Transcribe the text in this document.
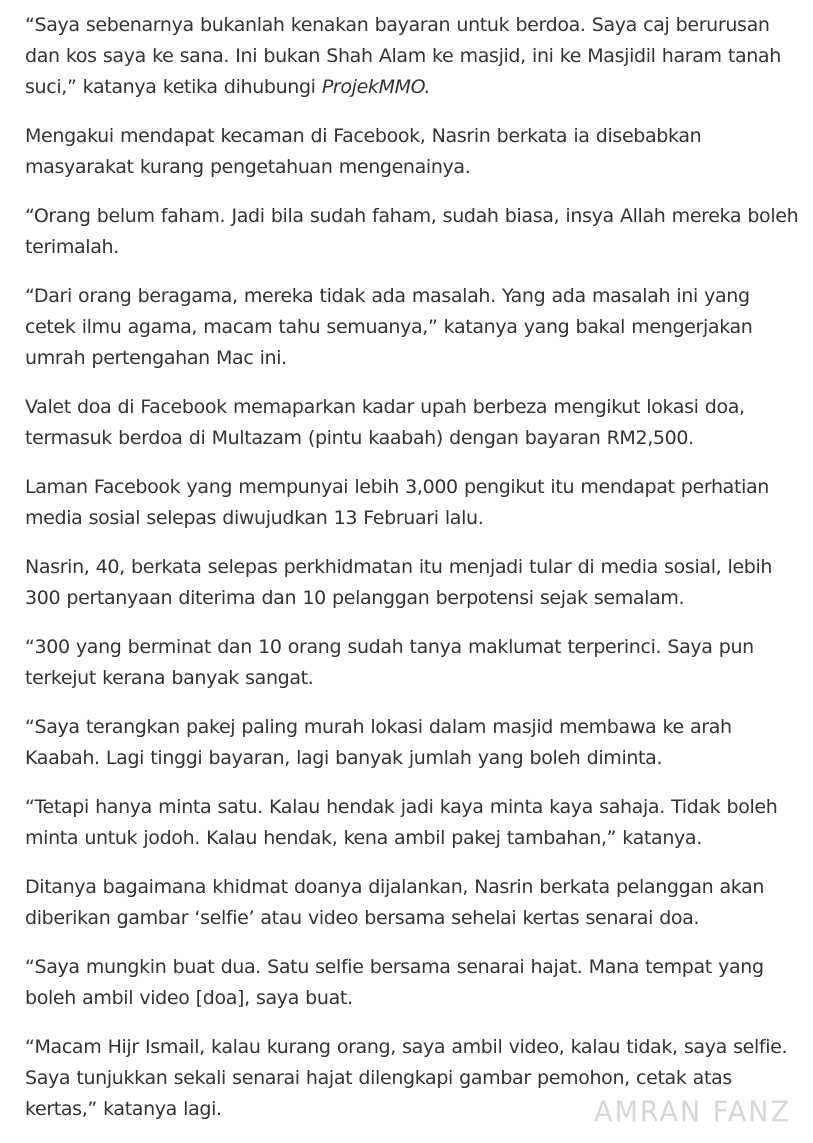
“Saya sebenarnya bukanlah kenakan bayaran untuk berdoa. Saya caj berurusan dan kos saya ke sana. Ini bukan Shah Alam ke masjid, ini ke Masjidil haram tanah suci,” katanya ketika dihubungi ProjekMMO.

Mengakui mendapat kecaman di Facebook, Nasrin berkata ia disebabkan masyarakat kurang pengetahuan mengenainya.

“Orang belum faham. Jadi bila sudah faham, sudah biasa, insya Allah mereka boleh terimalah.

“Dari orang beragama, mereka tidak ada masalah. Yang ada masalah ini yang cetek ilmu agama, macam tahu semuanya,” katanya yang bakal mengerjakan umrah pertengahan Mac ini.

Valet doa di Facebook memaparkan kadar upah berbeza mengikut lokasi doa, termasuk berdoa di Multazam (pintu kaabah) dengan bayaran RM2,500.

Laman Facebook yang mempunyai lebih 3,000 pengikut itu mendapat perhatian media sosial selepas diwujudkan 13 Februari lalu.

Nasrin, 40, berkata selepas perkhidmatan itu menjadi tular di media sosial, lebih 300 pertanyaan diterima dan 10 pelanggan berpotensi sejak semalam.

“300 yang berminat dan 10 orang sudah tanya maklumat terperinci. Saya pun terkejut kerana banyak sangat.

“Saya terangkan pakej paling murah lokasi dalam masjid membawa ke arah Kaabah. Lagi tinggi bayaran, lagi banyak jumlah yang boleh diminta.

“Tetapi hanya minta satu. Kalau hendak jadi kaya minta kaya sahaja. Tidak boleh minta untuk jodoh. Kalau hendak, kena ambil pakej tambahan,” katanya.

Ditanya bagaimana khidmat doanya dijalankan, Nasrin berkata pelanggan akan diberikan gambar ‘selfie’ atau video bersama sehelai kertas senarai doa.

“Saya mungkin buat dua. Satu selfie bersama senarai hajat. Mana tempat yang boleh ambil video [doa], saya buat.

“Macam Hijr Ismail, kalau kurang orang, saya ambil video, kalau tidak, saya selfie. Saya tunjukkan sekali senarai hajat dilengkapi gambar pemohon, cetak atas kertas,” katanya lagi.	AMRAN FANZ
